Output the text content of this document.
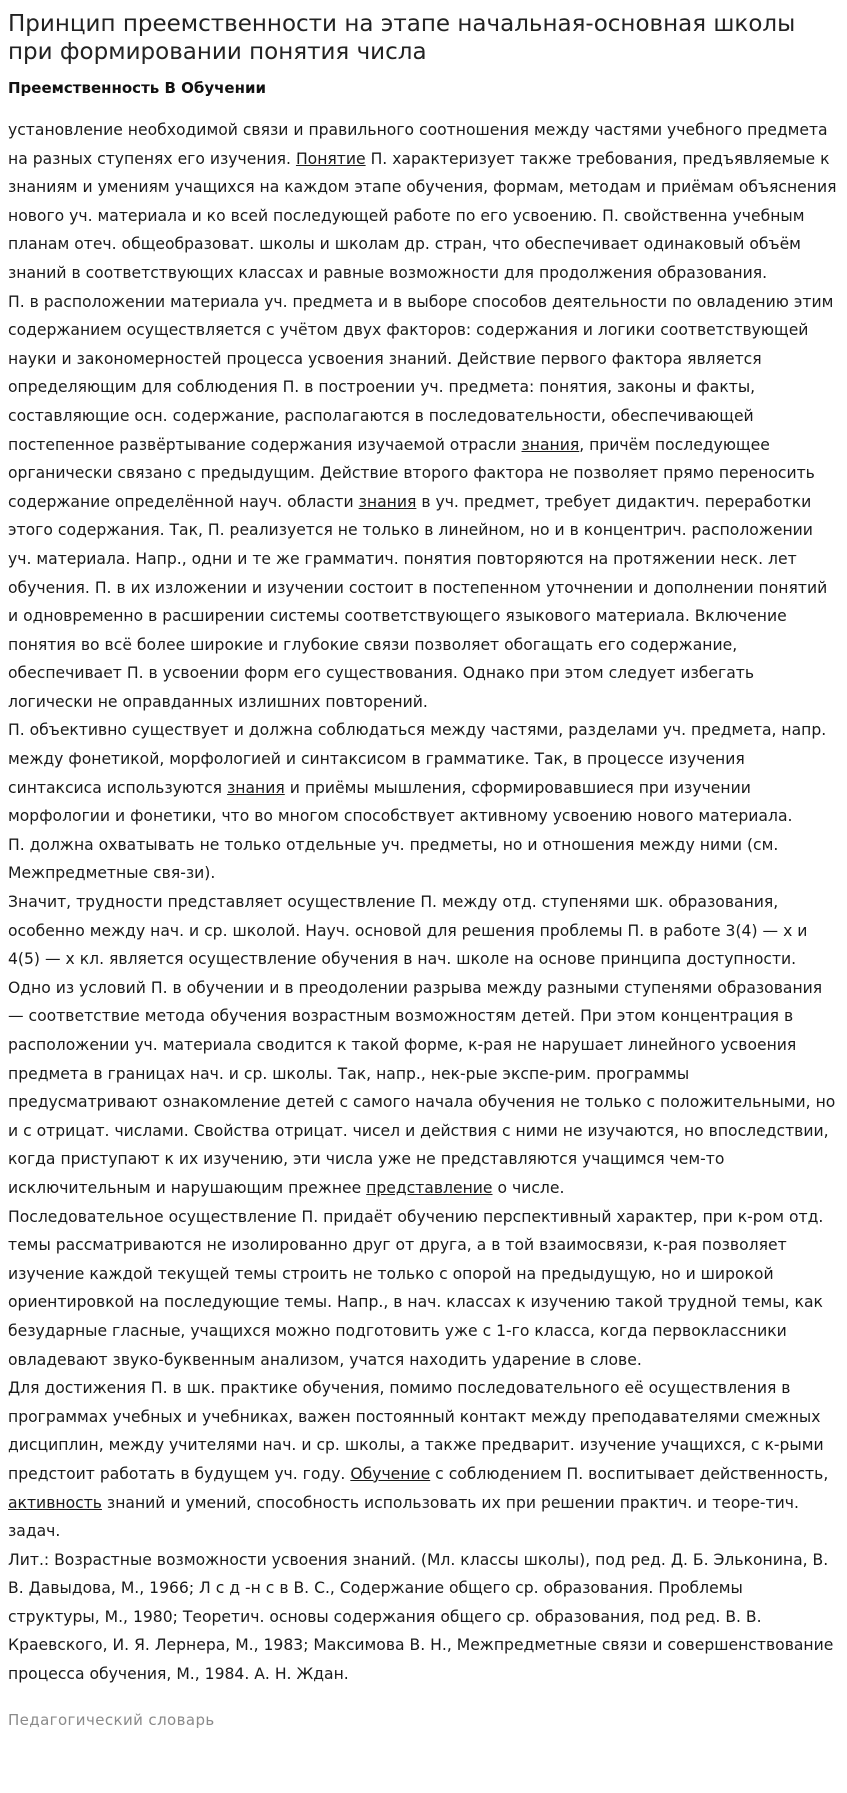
Принцип преемственности на этапе начальная-основная школы при формировании понятия числа
Преемственность В Обучении

установление необходимой связи и правильного соотношения между частями учебного предмета на разных ступенях его изучения. Понятие П. характеризует также требования, предъявляемые к знаниям и умениям учащихся на каждом этапе обучения, формам, методам и приёмам объяснения нового уч. материала и ко всей последующей работе по его усвоению. П. свойственна учебным планам отеч. общеобразоват. школы и школам др. стран, что обеспечивает одинаковый объём знаний в соответствующих классах и равные возможности для продолжения образования.

П. в расположении материала уч. предмета и в выборе способов деятельности по овладению этим содержанием осуществляется с учётом двух факторов: содержания и логики соответствующей науки и закономерностей процесса усвоения знаний. Действие первого фактора является определяющим для соблюдения П. в построении уч. предмета: понятия, законы и факты, составляющие осн. содержание, располагаются в последовательности, обеспечивающей постепенное развёртывание содержания изучаемой отрасли знания, причём последующее органически связано с предыдущим. Действие второго фактора не позволяет прямо переносить содержание определённой науч. области знания в уч. предмет, требует дидактич. переработки этого содержания. Так, П. реализуется не только в линейном, но и в концентрич. расположении уч. материала. Напр., одни и те же грамматич. понятия повторяются на протяжении неск. лет обучения. П. в их изложении и изучении состоит в постепенном уточнении и дополнении понятий и одновременно в расширении системы соответствующего языкового материала. Включение понятия во всё более широкие и глубокие связи позволяет обогащать его содержание, обеспечивает П. в усвоении форм его существования. Однако при этом следует избегать логически не оправданных излишних повторений.

П. объективно существует и должна соблюдаться между частями, разделами уч. предмета, напр. между фонетикой, морфологией и синтаксисом в грамматике. Так, в процессе изучения синтаксиса используются знания и приёмы мышления, сформировавшиеся при изучении морфологии и фонетики, что во многом способствует активному усвоению нового материала.

П. должна охватывать не только отдельные уч. предметы, но и отношения между ними (см. Межпредметные свя-зи).

Значит, трудности представляет осуществление П. между отд. ступенями шк. образования, особенно между нач. и ср. школой. Науч. основой для решения проблемы П. в работе 3(4) — х и 4(5) — х кл. является осуществление обучения в нач. школе на основе принципа доступности. Одно из условий П. в обучении и в преодолении разрыва между разными ступенями образования — соответствие метода обучения возрастным возможностям детей. При этом концентрация в расположении уч. материала сводится к такой форме, к-рая не нарушает линейного усвоения предмета в границах нач. и ср. школы. Так, напр., нек-рые экспе-рим. программы предусматривают ознакомление детей с самого начала обучения не только с положительными, но и с отрицат. числами. Свойства отрицат. чисел и действия с ними не изучаются, но впоследствии, когда приступают к их изучению, эти числа уже не представляются учащимся чем-то исключительным и нарушающим прежнее представление о числе.

Последовательное осуществление П. придаёт обучению перспективный характер, при к-ром отд. темы рассматриваются не изолированно друг от друга, а в той взаимосвязи, к-рая позволяет изучение каждой текущей темы строить не только с опорой на предыдущую, но и широкой ориентировкой на последующие темы. Напр., в нач. классах к изучению такой трудной темы, как безударные гласные, учащихся можно подготовить уже с 1-го класса, когда первоклассники овладевают звуко-буквенным анализом, учатся находить ударение в слове.

Для достижения П. в шк. практике обучения, помимо последовательного её осуществления в программах учебных и учебниках, важен постоянный контакт между преподавателями смежных дисциплин, между учителями нач. и ср. школы, а также предварит. изучение учащихся, с к-рыми предстоит работать в будущем уч. году. Обучение с соблюдением П. воспитывает действенность, активность знаний и умений, способность использовать их при решении практич. и теоре-тич. задач.

Лит.: Возрастные возможности усвоения знаний. (Мл. классы школы), под ред. Д. Б. Эльконина, В. В. Давыдова, М., 1966; Л с д -н с в В. С., Содержание общего ср. образования. Проблемы структуры, М., 1980; Теоретич. основы содержания общего ср. образования, под ред. В. В. Краевского, И. Я. Лернера, М., 1983; Максимова В. Н., Межпредметные связи и совершенствование процесса обучения, М., 1984. А. Н. Ждан.

Педагогический словарь
